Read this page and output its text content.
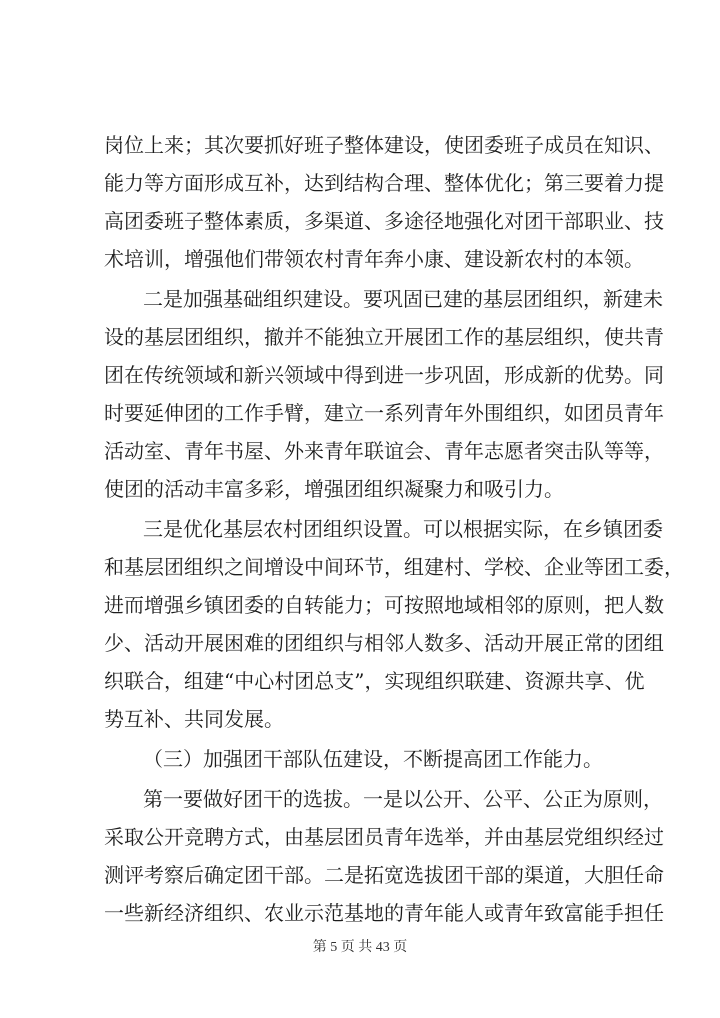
岗位上来；其次要抓好班子整体建设，使团委班子成员在知识、
能力等方面形成互补，达到结构合理、整体优化；第三要着力提
高团委班子整体素质，多渠道、多途径地强化对团干部职业、技
术培训，增强他们带领农村青年奔小康、建设新农村的本领。
二是加强基础组织建设。要巩固已建的基层团组织，新建未
设的基层团组织，撤并不能独立开展团工作的基层组织，使共青
团在传统领域和新兴领域中得到进一步巩固，形成新的优势。同
时要延伸团的工作手臂，建立一系列青年外围组织，如团员青年
活动室、青年书屋、外来青年联谊会、青年志愿者突击队等等，
使团的活动丰富多彩，增强团组织凝聚力和吸引力。
三是优化基层农村团组织设置。可以根据实际，在乡镇团委
和基层团组织之间增设中间环节，组建村、学校、企业等团工委，
进而增强乡镇团委的自转能力；可按照地域相邻的原则，把人数
少、活动开展困难的团组织与相邻人数多、活动开展正常的团组
织联合，组建“中心村团总支”，实现组织联建、资源共享、优
势互补、共同发展。
（三）加强团干部队伍建设，不断提高团工作能力。
第一要做好团干的选拔。一是以公开、公平、公正为原则，
采取公开竞聘方式，由基层团员青年选举，并由基层党组织经过
测评考察后确定团干部。二是拓宽选拔团干部的渠道，大胆任命
一些新经济组织、农业示范基地的青年能人或青年致富能手担任
第 5 页 共 43 页
